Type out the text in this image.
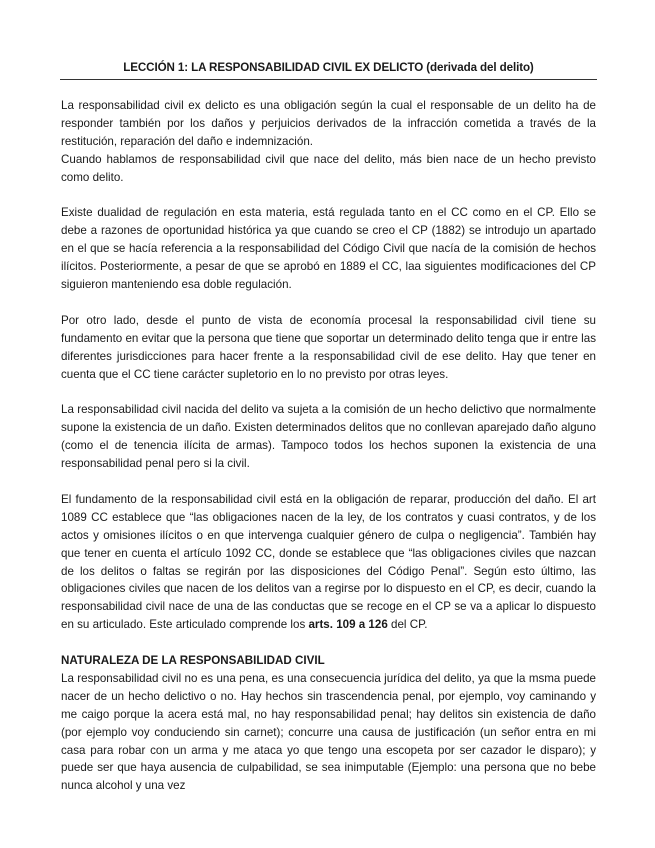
LECCIÓN 1: LA RESPONSABILIDAD CIVIL EX DELICTO (derivada del delito)

La responsabilidad civil ex delicto es una obligación según la cual el responsable de un delito ha de responder también por los daños y perjuicios derivados de la infracción cometida a través de la restitución, reparación del daño e indemnización.

Cuando hablamos de responsabilidad civil que nace del delito, más bien nace de un hecho previsto como delito.

Existe dualidad de regulación en esta materia, está regulada tanto en el CC como en el CP. Ello se debe a razones de oportunidad histórica ya que cuando se creo el CP (1882) se introdujo un apartado en el que se hacía referencia a la responsabilidad del Código Civil que nacía de la comisión de hechos ilícitos. Posteriormente, a pesar de que se aprobó en 1889 el CC, laa siguientes modificaciones del CP siguieron manteniendo esa doble regulación.

Por otro lado, desde el punto de vista de economía procesal la responsabilidad civil tiene su fundamento en evitar que la persona que tiene que soportar un determinado delito tenga que ir entre las diferentes jurisdicciones para hacer frente a la responsabilidad civil de ese delito. Hay que tener en cuenta que el CC tiene carácter supletorio en lo no previsto por otras leyes.

La responsabilidad civil nacida del delito va sujeta a la comisión de un hecho delictivo que normalmente supone la existencia de un daño. Existen determinados delitos que no conllevan aparejado daño alguno (como el de tenencia ilícita de armas). Tampoco todos los hechos suponen la existencia de una responsabilidad penal pero si la civil.

El fundamento de la responsabilidad civil está en la obligación de reparar, producción del daño. El art 1089 CC establece que “las obligaciones nacen de la ley, de los contratos y cuasi contratos, y de los actos y omisiones ilícitos o en que intervenga cualquier género de culpa o negligencia”. También hay que tener en cuenta el artículo 1092 CC, donde se establece que “las obligaciones civiles que nazcan de los delitos o faltas se regirán por las disposiciones del Código Penal”. Según esto último, las obligaciones civiles que nacen de los delitos van a regirse por lo dispuesto en el CP, es decir, cuando la responsabilidad civil nace de una de las conductas que se recoge en el CP se va a aplicar lo dispuesto en su articulado. Este articulado comprende los arts. 109 a 126 del CP.

NATURALEZA DE LA RESPONSABILIDAD CIVIL

La responsabilidad civil no es una pena, es una consecuencia jurídica del delito, ya que la msma puede nacer de un hecho delictivo o no. Hay hechos sin trascendencia penal, por ejemplo, voy caminando y me caigo porque la acera está mal, no hay responsabilidad penal; hay delitos sin existencia de daño (por ejemplo voy conduciendo sin carnet); concurre una causa de justificación (un señor entra en mi casa para robar con un arma y me ataca yo que tengo una escopeta por ser cazador le disparo); y puede ser que haya ausencia de culpabilidad, se sea inimputable (Ejemplo: una persona que no bebe nunca alcohol y una vez
